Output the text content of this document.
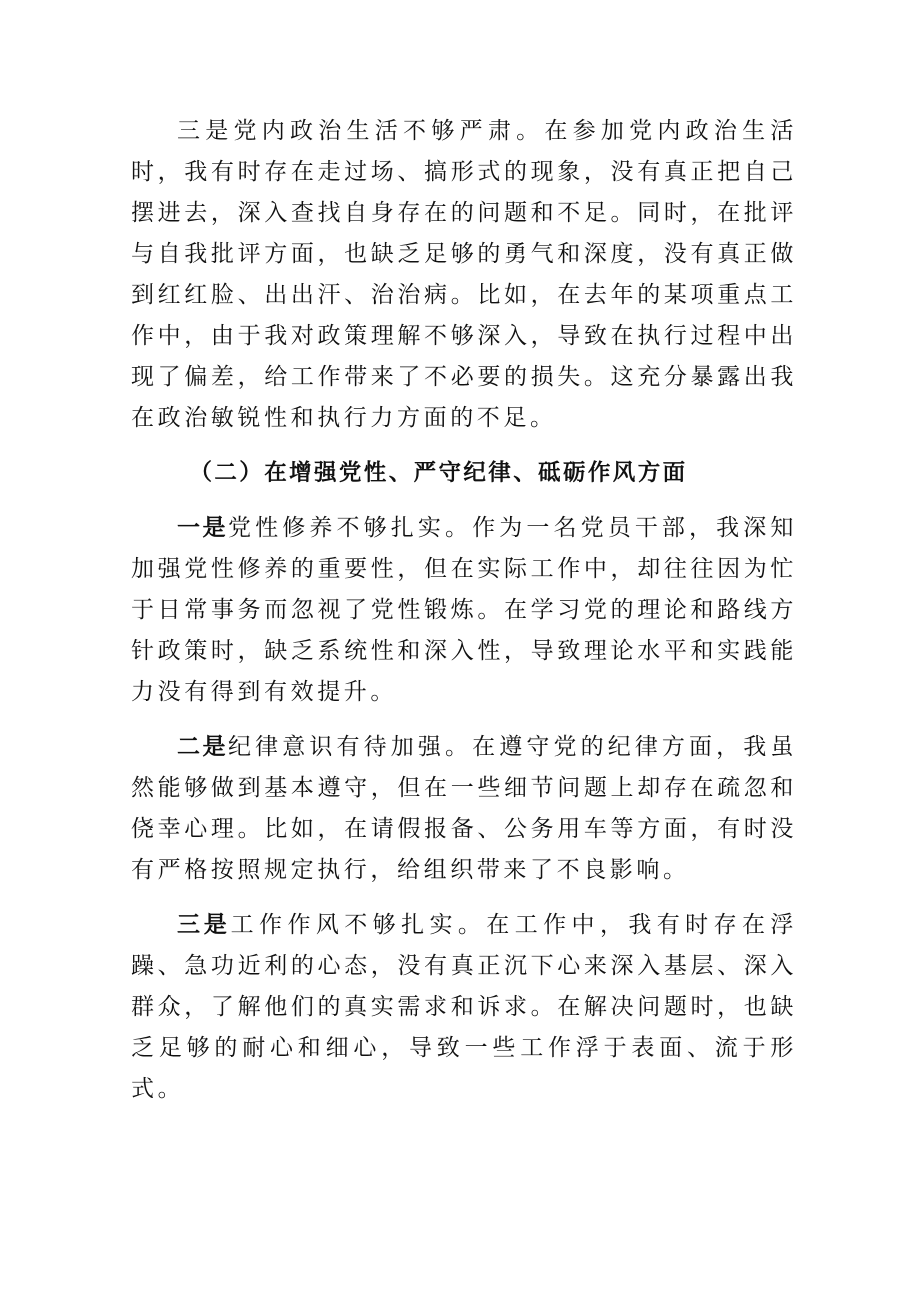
三是党内政治生活不够严肃。在参加党内政治生活时，我有时存在走过场、搞形式的现象，没有真正把自己摆进去，深入查找自身存在的问题和不足。同时，在批评与自我批评方面，也缺乏足够的勇气和深度，没有真正做到红红脸、出出汗、治治病。比如，在去年的某项重点工作中，由于我对政策理解不够深入，导致在执行过程中出现了偏差，给工作带来了不必要的损失。这充分暴露出我在政治敏锐性和执行力方面的不足。

（二）在增强党性、严守纪律、砥砺作风方面

一是党性修养不够扎实。作为一名党员干部，我深知加强党性修养的重要性，但在实际工作中，却往往因为忙于日常事务而忽视了党性锻炼。在学习党的理论和路线方针政策时，缺乏系统性和深入性，导致理论水平和实践能力没有得到有效提升。

二是纪律意识有待加强。在遵守党的纪律方面，我虽然能够做到基本遵守，但在一些细节问题上却存在疏忽和侥幸心理。比如，在请假报备、公务用车等方面，有时没有严格按照规定执行，给组织带来了不良影响。

三是工作作风不够扎实。在工作中，我有时存在浮躁、急功近利的心态，没有真正沉下心来深入基层、深入群众，了解他们的真实需求和诉求。在解决问题时，也缺乏足够的耐心和细心，导致一些工作浮于表面、流于形式。
